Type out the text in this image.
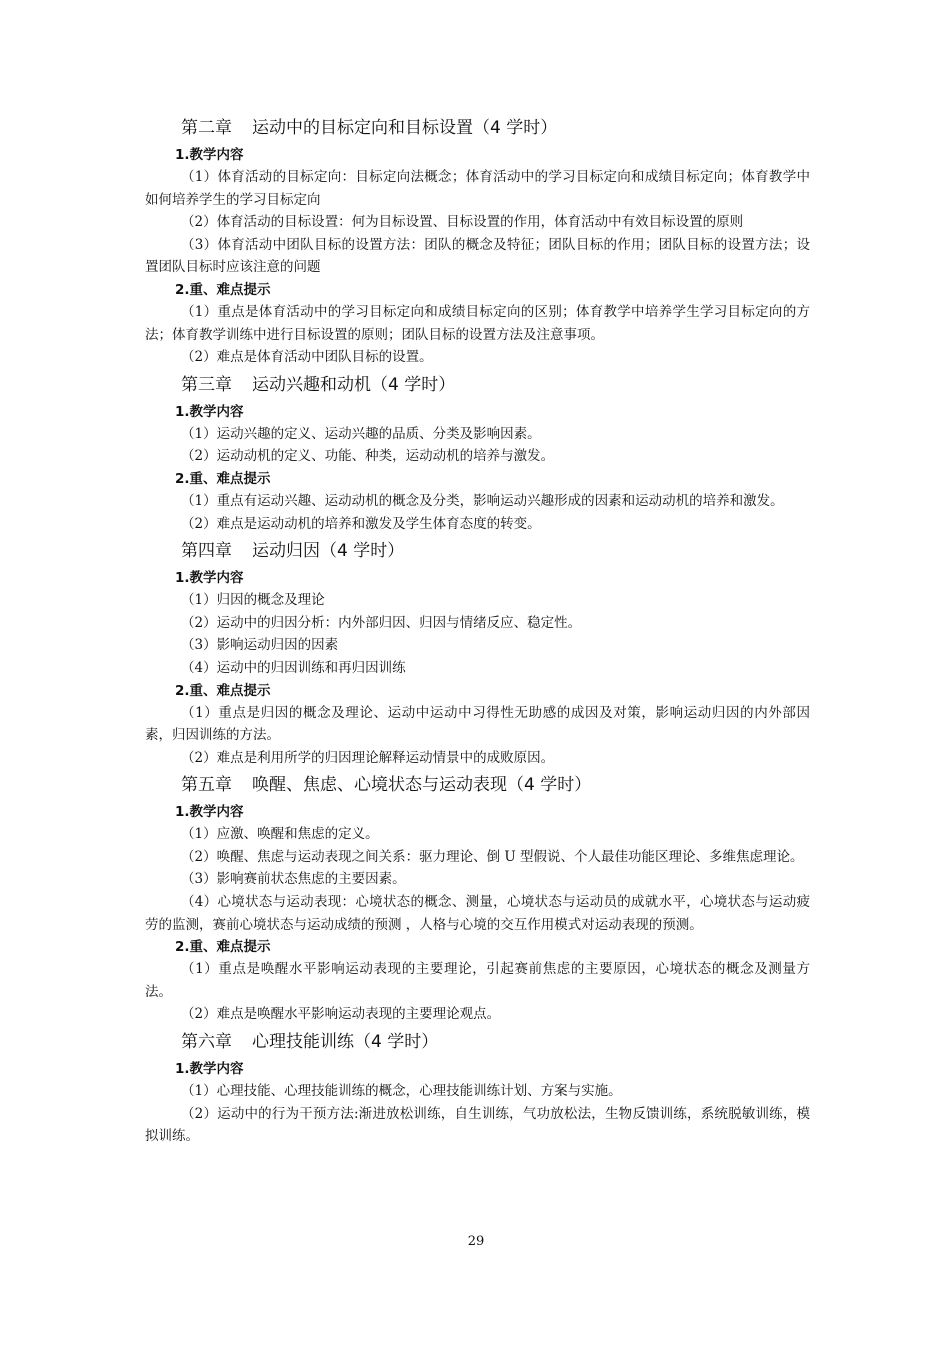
第二章 运动中的目标定向和目标设置（4 学时）
1.教学内容

（1）体育活动的目标定向：目标定向法概念；体育活动中的学习目标定向和成绩目标定向；体育教学中如何培养学生的学习目标定向

（2）体育活动的目标设置：何为目标设置、目标设置的作用，体育活动中有效目标设置的原则

（3）体育活动中团队目标的设置方法：团队的概念及特征；团队目标的作用；团队目标的设置方法；设置团队目标时应该注意的问题

2.重、难点提示

（1）重点是体育活动中的学习目标定向和成绩目标定向的区别；体育教学中培养学生学习目标定向的方法；体育教学训练中进行目标设置的原则；团队目标的设置方法及注意事项。

（2）难点是体育活动中团队目标的设置。

第三章 运动兴趣和动机（4 学时）
1.教学内容

（1）运动兴趣的定义、运动兴趣的品质、分类及影响因素。

（2）运动动机的定义、功能、种类，运动动机的培养与激发。

2.重、难点提示

（1）重点有运动兴趣、运动动机的概念及分类，影响运动兴趣形成的因素和运动动机的培养和激发。

（2）难点是运动动机的培养和激发及学生体育态度的转变。

第四章 运动归因（4 学时）
1.教学内容

（1）归因的概念及理论

（2）运动中的归因分析：内外部归因、归因与情绪反应、稳定性。

（3）影响运动归因的因素

（4）运动中的归因训练和再归因训练

2.重、难点提示

（1）重点是归因的概念及理论、运动中运动中习得性无助感的成因及对策，影响运动归因的内外部因素，归因训练的方法。

（2）难点是利用所学的归因理论解释运动情景中的成败原因。

第五章 唤醒、焦虑、心境状态与运动表现（4 学时）
1.教学内容

（1）应激、唤醒和焦虑的定义。

（2）唤醒、焦虑与运动表现之间关系：驱力理论、倒 U 型假说、个人最佳功能区理论、多维焦虑理论。

（3）影响赛前状态焦虑的主要因素。

（4）心境状态与运动表现：心境状态的概念、测量，心境状态与运动员的成就水平，心境状态与运动疲劳的监测，赛前心境状态与运动成绩的预测 ，人格与心境的交互作用模式对运动表现的预测。

2.重、难点提示

（1）重点是唤醒水平影响运动表现的主要理论，引起赛前焦虑的主要原因，心境状态的概念及测量方法。

（2）难点是唤醒水平影响运动表现的主要理论观点。

第六章 心理技能训练（4 学时）
1.教学内容

（1）心理技能、心理技能训练的概念，心理技能训练计划、方案与实施。

（2）运动中的行为干预方法:渐进放松训练，自生训练，气功放松法，生物反馈训练，系统脱敏训练，模拟训练。

29
